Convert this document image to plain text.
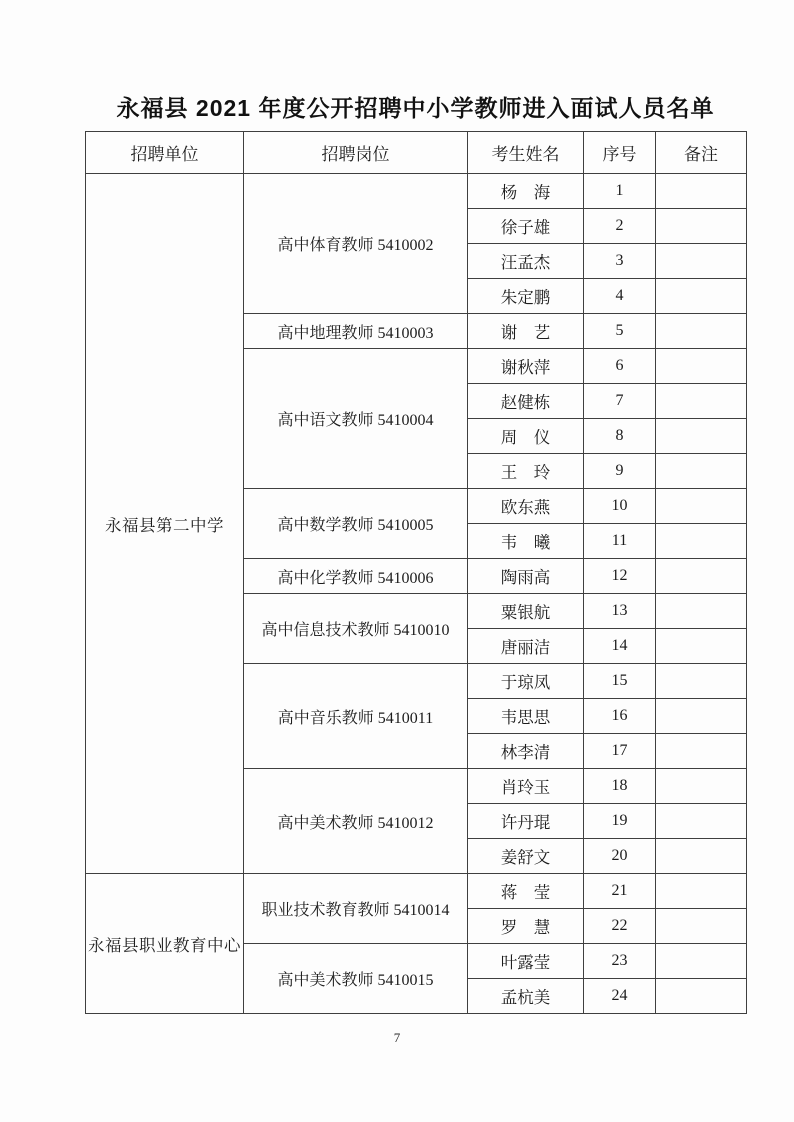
永福县 2021 年度公开招聘中小学教师进入面试人员名单
招聘单位	招聘岗位	考生姓名	序号	备注
永福县第二中学	高中体育教师 5410002	杨　海	1	
		徐子雄	2	
		汪孟杰	3	
		朱定鹏	4	
	高中地理教师 5410003	谢　艺	5	
	高中语文教师 5410004	谢秋萍	6	
		赵健栋	7	
		周　仪	8	
		王　玲	9	
	高中数学教师 5410005	欧东燕	10	
		韦　曦	11	
	高中化学教师 5410006	陶雨高	12	
	高中信息技术教师 5410010	粟银航	13	
		唐丽洁	14	
	高中音乐教师 5410011	于琼凤	15	
		韦思思	16	
		林李清	17	
	高中美术教师 5410012	肖玲玉	18	
		许丹琨	19	
		姜舒文	20	
永福县职业教育中心	职业技术教育教师 5410014	蒋　莹	21	
		罗　慧	22	
	高中美术教师 5410015	叶露莹	23	
		孟杭美	24	
7
